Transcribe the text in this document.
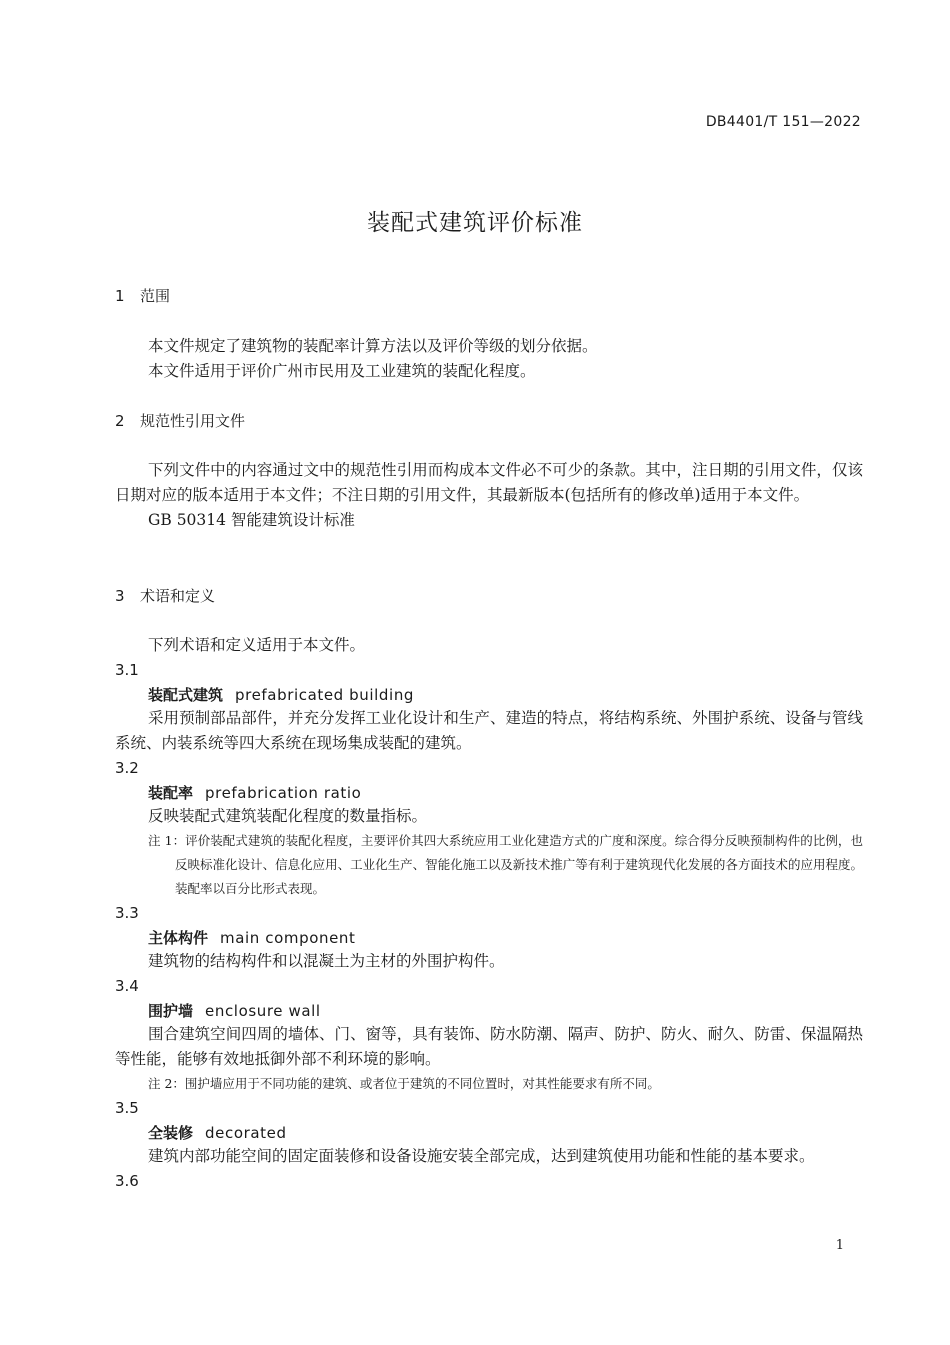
DB4401/T 151—2022
装配式建筑评价标准
1 范围

本文件规定了建筑物的装配率计算方法以及评价等级的划分依据。

本文件适用于评价广州市民用及工业建筑的装配化程度。

2 规范性引用文件

下列文件中的内容通过文中的规范性引用而构成本文件必不可少的条款。其中，注日期的引用文件，仅该日期对应的版本适用于本文件；不注日期的引用文件，其最新版本(包括所有的修改单)适用于本文件。

GB 50314 智能建筑设计标准

3 术语和定义

下列术语和定义适用于本文件。

3.1
装配式建筑 prefabricated building

采用预制部品部件，并充分发挥工业化设计和生产、建造的特点，将结构系统、外围护系统、设备与管线系统、内装系统等四大系统在现场集成装配的建筑。

3.2
装配率 prefabrication ratio

反映装配式建筑装配化程度的数量指标。

注 1：评价装配式建筑的装配化程度，主要评价其四大系统应用工业化建造方式的广度和深度。综合得分反映预制构件的比例，也反映标准化设计、信息化应用、工业化生产、智能化施工以及新技术推广等有利于建筑现代化发展的各方面技术的应用程度。装配率以百分比形式表现。
3.3
主体构件 main component

建筑物的结构构件和以混凝土为主材的外围护构件。

3.4
围护墙 enclosure wall

围合建筑空间四周的墙体、门、窗等，具有装饰、防水防潮、隔声、防护、防火、耐久、防雷、保温隔热等性能，能够有效地抵御外部不利环境的影响。

注 2：围护墙应用于不同功能的建筑、或者位于建筑的不同位置时，对其性能要求有所不同。
3.5
全装修 decorated

建筑内部功能空间的固定面装修和设备设施安装全部完成，达到建筑使用功能和性能的基本要求。

3.6
1
